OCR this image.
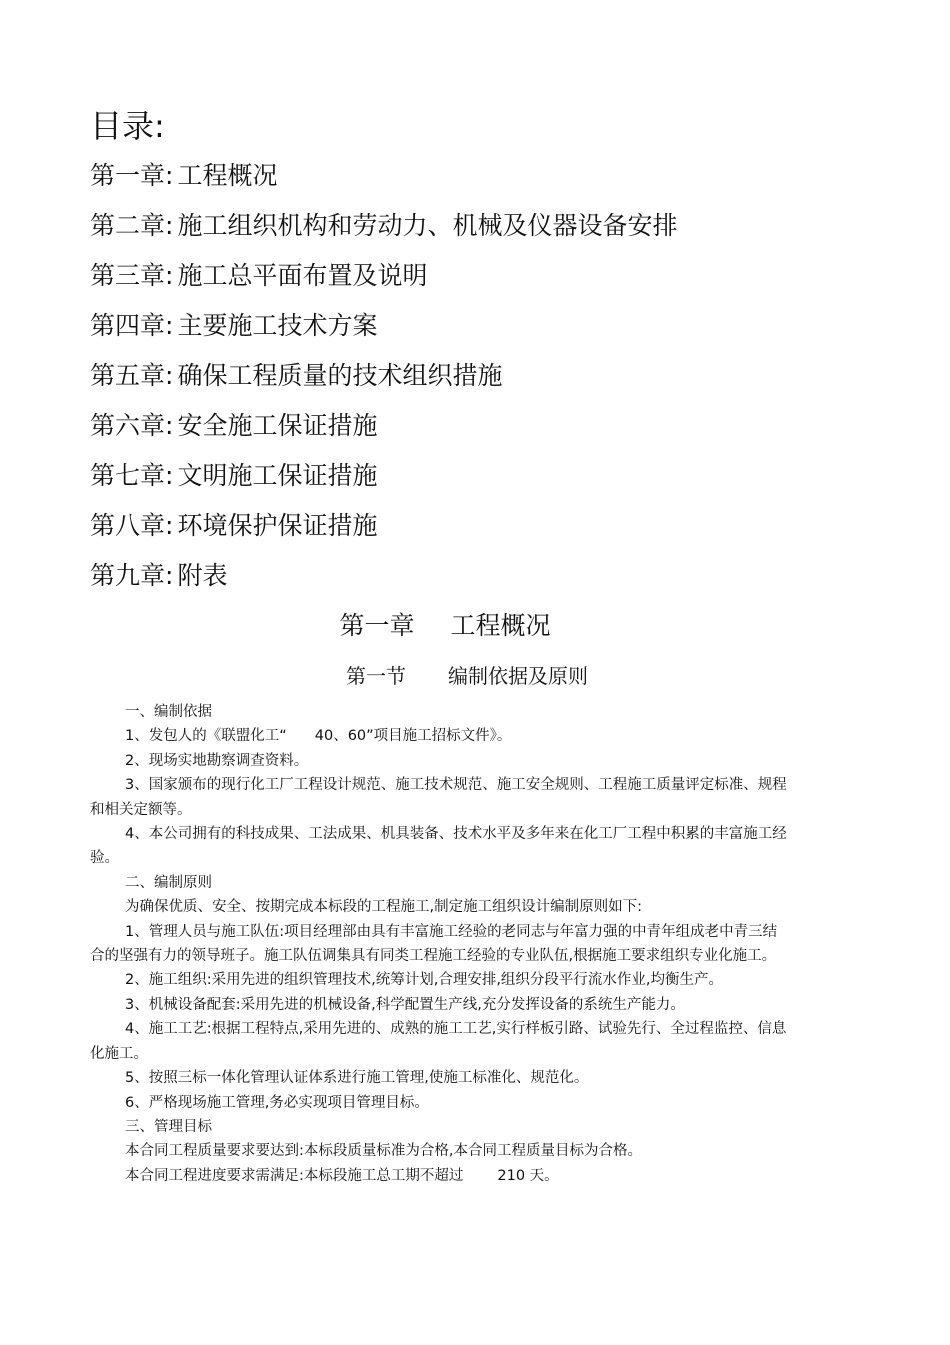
目录:
第一章: 工程概况
第二章: 施工组织机构和劳动力、机械及仪器设备安排
第三章: 施工总平面布置及说明
第四章: 主要施工技术方案
第五章: 确保工程质量的技术组织措施
第六章: 安全施工保证措施
第七章: 文明施工保证措施
第八章: 环境保护保证措施
第九章: 附表
第一章 工程概况
第一节 编制依据及原则

一、编制依据

1、发包人的《联盟化工“ 40、60”项目施工招标文件》。

2、现场实地勘察调查资料。

3、国家颁布的现行化工厂工程设计规范、施工技术规范、施工安全规则、工程施工质量评定标准、规程和相关定额等。

4、本公司拥有的科技成果、工法成果、机具装备、技术水平及多年来在化工厂工程中积累的丰富施工经验。

二、编制原则

为确保优质、安全、按期完成本标段的工程施工,制定施工组织设计编制原则如下:

1、管理人员与施工队伍:项目经理部由具有丰富施工经验的老同志与年富力强的中青年组成老中青三结合的坚强有力的领导班子。施工队伍调集具有同类工程施工经验的专业队伍,根据施工要求组织专业化施工。

2、施工组织:采用先进的组织管理技术,统筹计划,合理安排,组织分段平行流水作业,均衡生产。

3、机械设备配套:采用先进的机械设备,科学配置生产线,充分发挥设备的系统生产能力。

4、施工工艺:根据工程特点,采用先进的、成熟的施工工艺,实行样板引路、试验先行、全过程监控、信息化施工。

5、按照三标一体化管理认证体系进行施工管理,使施工标准化、规范化。

6、严格现场施工管理,务必实现项目管理目标。

三、管理目标

本合同工程质量要求要达到:本标段质量标准为合格,本合同工程质量目标为合格。

本合同工程进度要求需满足:本标段施工总工期不超过 210 天。
